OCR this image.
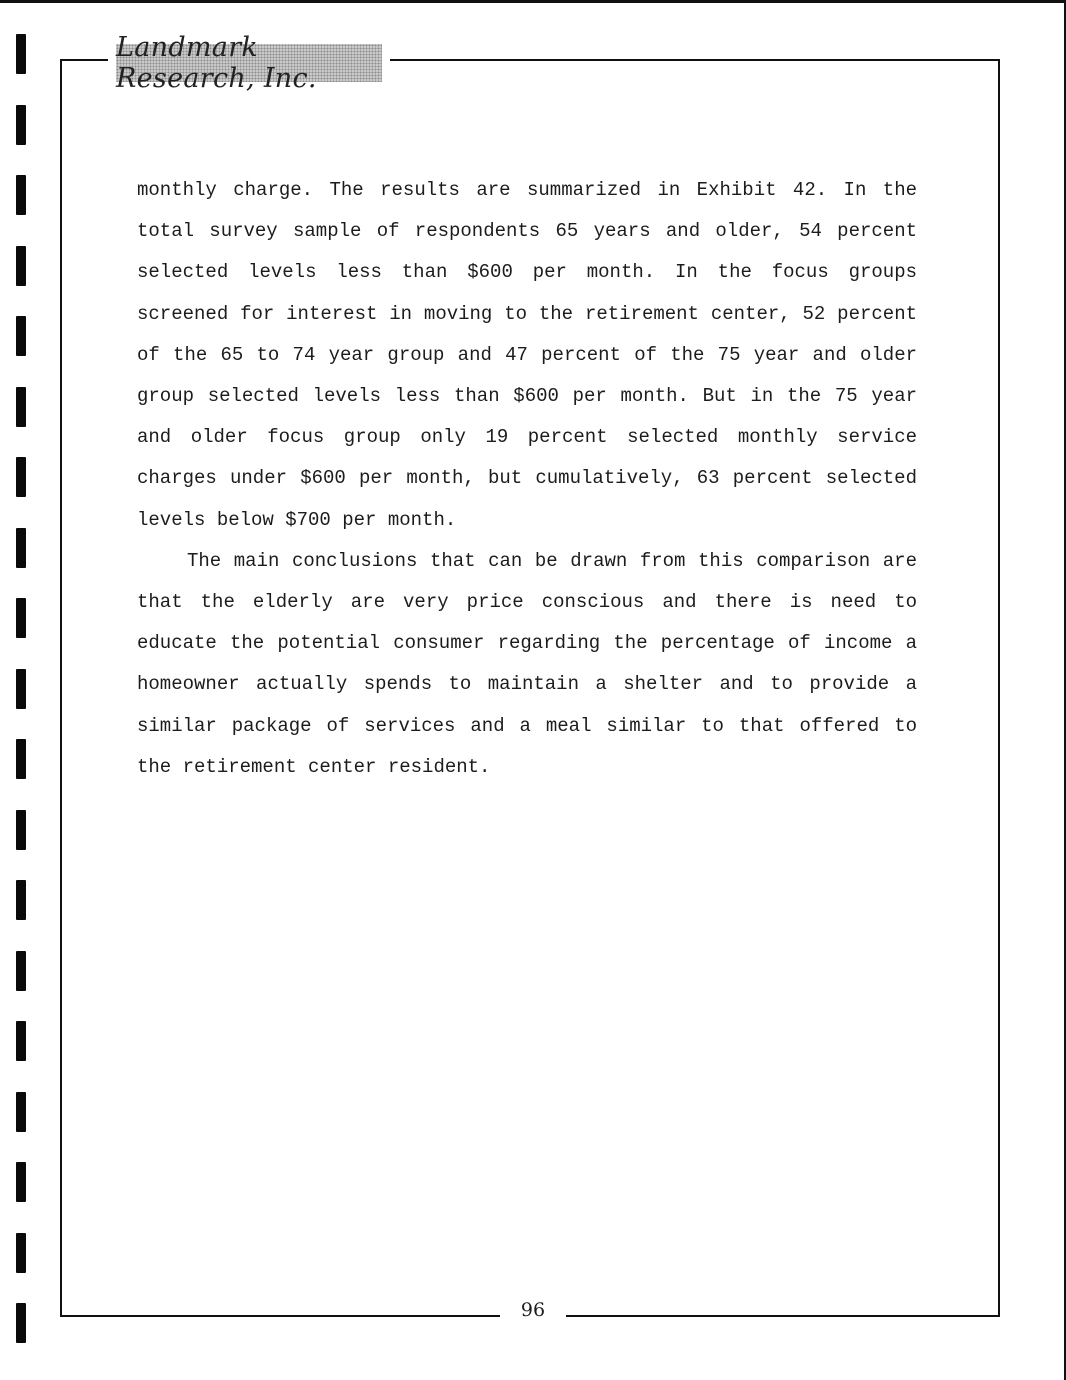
Landmark Research, Inc.

monthly charge. The results are summarized in Exhibit 42. In the total survey sample of respondents 65 years and older, 54 percent selected levels less than $600 per month. In the focus groups screened for interest in moving to the retirement center, 52 percent of the 65 to 74 year group and 47 percent of the 75 year and older group selected levels less than $600 per month. But in the 75 year and older focus group only 19 percent selected monthly service charges under $600 per month, but cumulatively, 63 percent selected levels below $700 per month.

The main conclusions that can be drawn from this comparison are that the elderly are very price conscious and there is need to educate the potential consumer regarding the percentage of income a homeowner actually spends to maintain a shelter and to provide a similar package of services and a meal similar to that offered to the retirement center resident.

96
